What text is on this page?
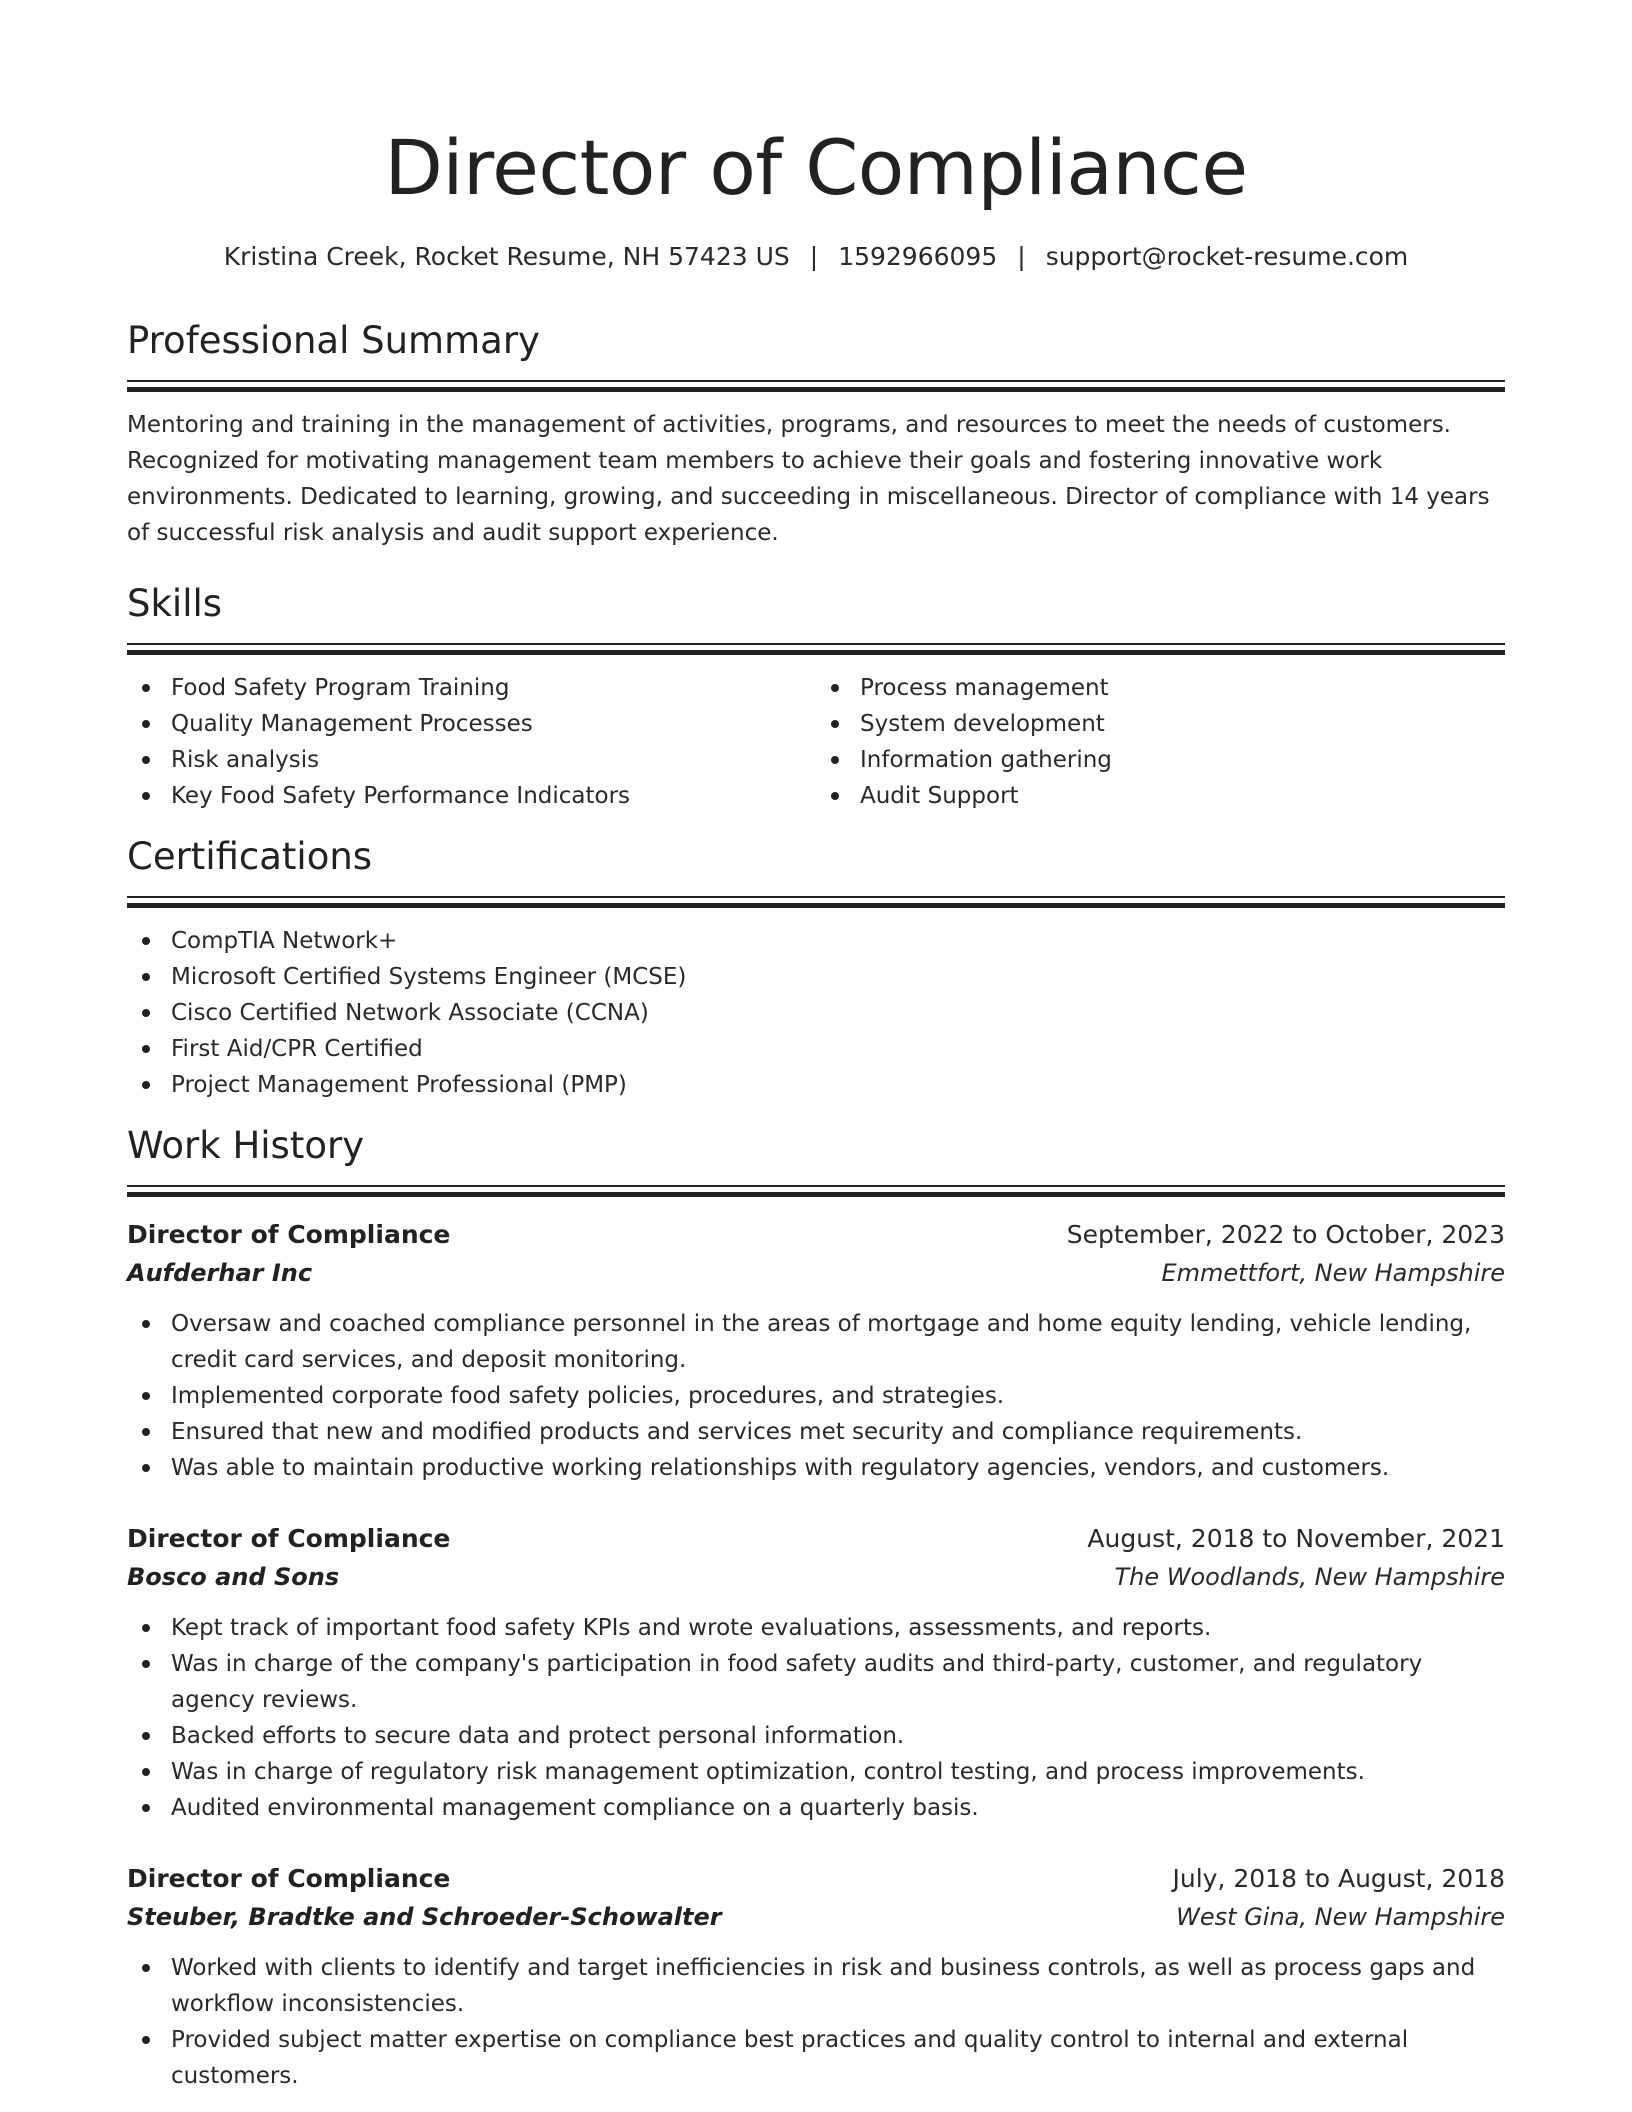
Director of Compliance
Kristina Creek, Rocket Resume, NH 57423 US | 1592966095 | support@rocket-resume.com
Professional Summary

Mentoring and training in the management of activities, programs, and resources to meet the needs of customers. Recognized for motivating management team members to achieve their goals and fostering innovative work environments. Dedicated to learning, growing, and succeeding in miscellaneous. Director of compliance with 14 years of successful risk analysis and audit support experience.

Skills
Food Safety Program Training
Quality Management Processes
Risk analysis
Key Food Safety Performance Indicators
Process management
System development
Information gathering
Audit Support
Certifications
CompTIA Network+
Microsoft Certified Systems Engineer (MCSE)
Cisco Certified Network Associate (CCNA)
First Aid/CPR Certified
Project Management Professional (PMP)
Work History
Director of Compliance	September, 2022 to October, 2023
Aufderhar Inc	Emmettfort, New Hampshire
Oversaw and coached compliance personnel in the areas of mortgage and home equity lending, vehicle lending, credit card services, and deposit monitoring.
Implemented corporate food safety policies, procedures, and strategies.
Ensured that new and modified products and services met security and compliance requirements.
Was able to maintain productive working relationships with regulatory agencies, vendors, and customers.
Director of Compliance	August, 2018 to November, 2021
Bosco and Sons	The Woodlands, New Hampshire
Kept track of important food safety KPIs and wrote evaluations, assessments, and reports.
Was in charge of the company's participation in food safety audits and third-party, customer, and regulatory agency reviews.
Backed efforts to secure data and protect personal information.
Was in charge of regulatory risk management optimization, control testing, and process improvements.
Audited environmental management compliance on a quarterly basis.
Director of Compliance	July, 2018 to August, 2018
Steuber, Bradtke and Schroeder-Schowalter	West Gina, New Hampshire
Worked with clients to identify and target inefficiencies in risk and business controls, as well as process gaps and workflow inconsistencies.
Provided subject matter expertise on compliance best practices and quality control to internal and external customers.
